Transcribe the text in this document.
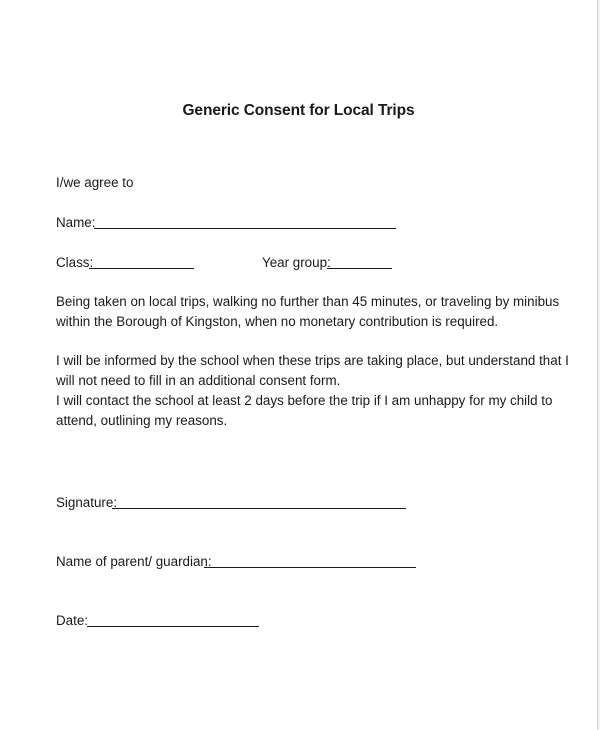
Generic Consent for Local Trips
I/we agree to
Name:
Class:	Year group:
Being taken on local trips, walking no further than 45 minutes, or traveling by minibus
within the Borough of Kingston, when no monetary contribution is required.
I will be informed by the school when these trips are taking place, but understand that I
will not need to fill in an additional consent form.
I will contact the school at least 2 days before the trip if I am unhappy for my child to
attend, outlining my reasons.
Signature:
Name of parent/ guardian:
Date:
